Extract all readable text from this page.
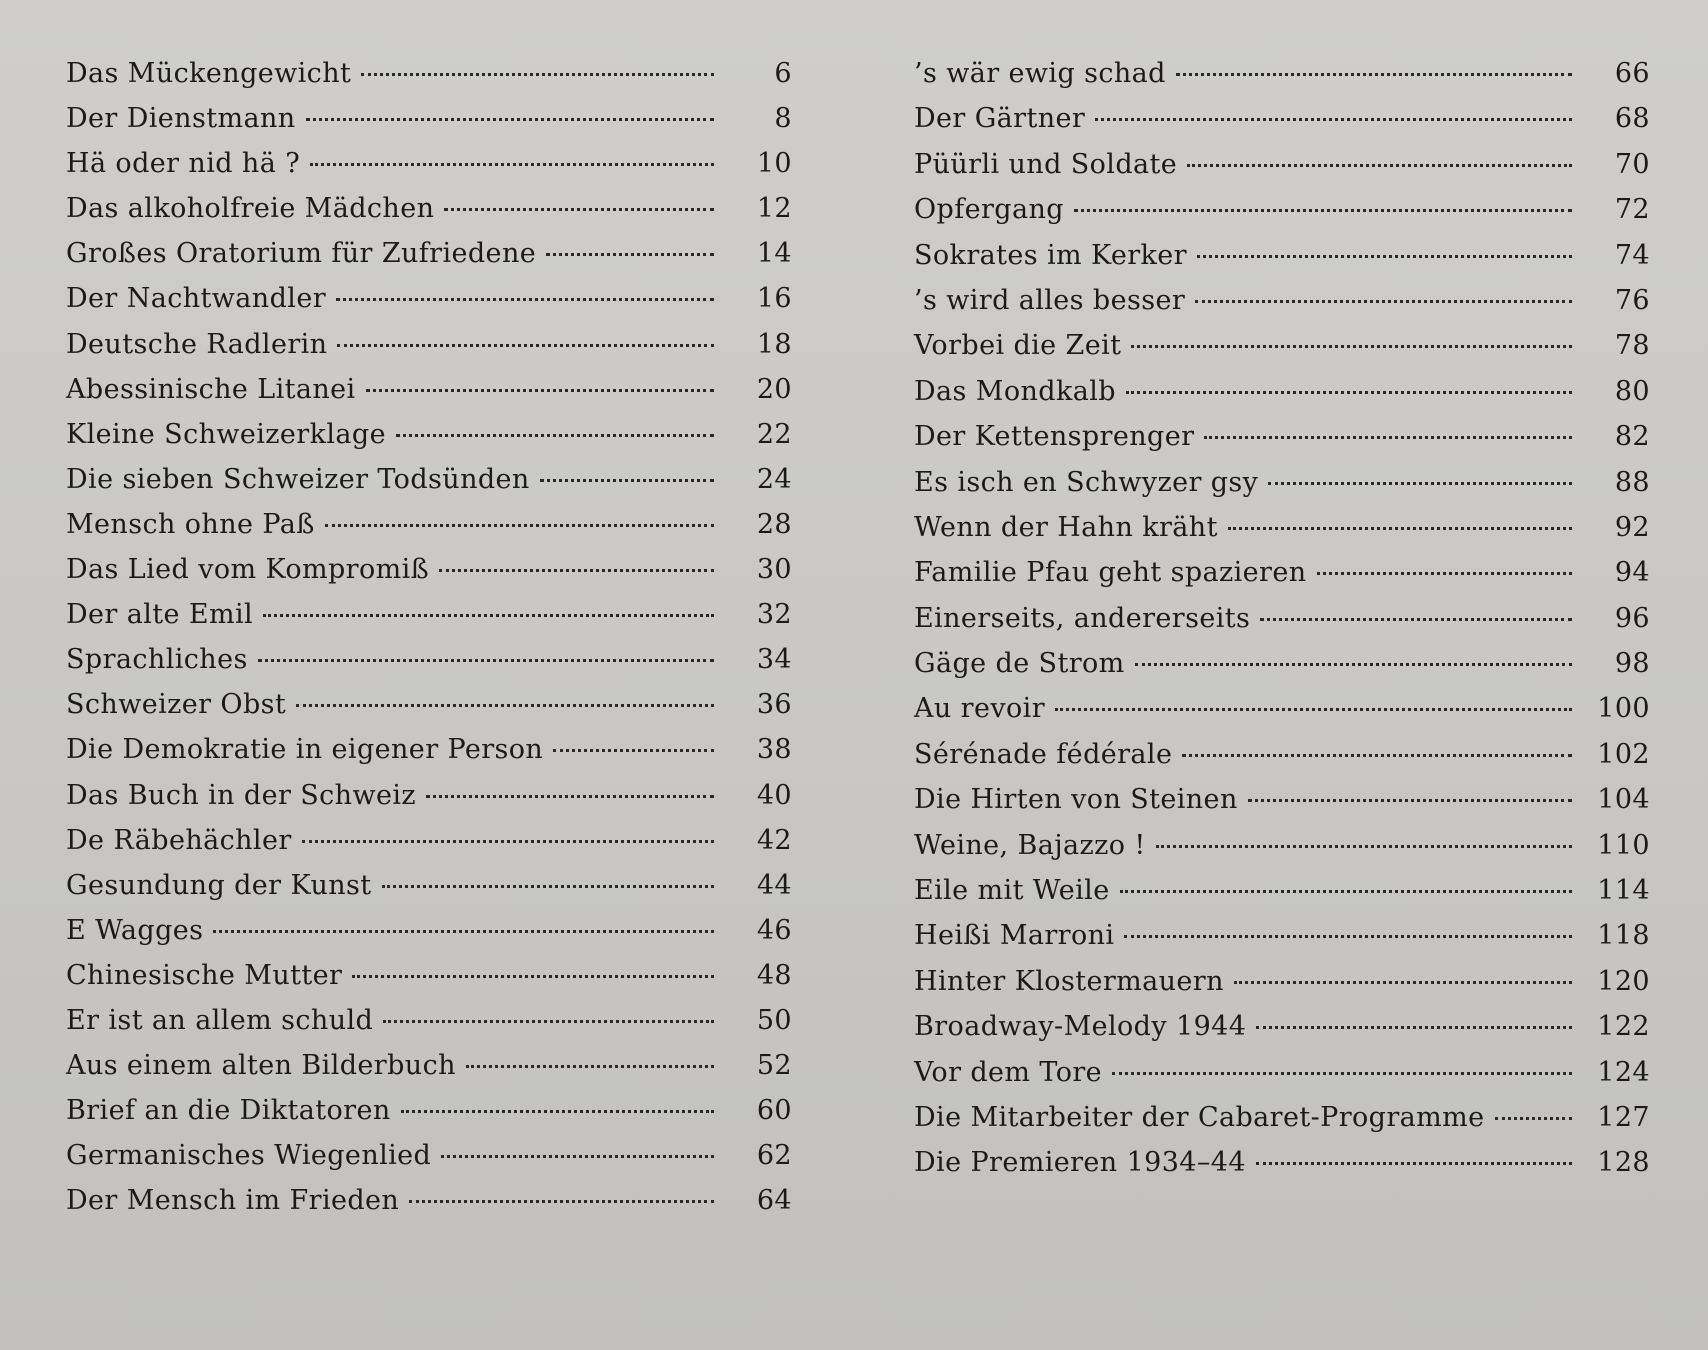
Das Mückengewicht	6
Der Dienstmann	8
Hä oder nid hä ?	10
Das alkoholfreie Mädchen	12
Großes Oratorium für Zufriedene	14
Der Nachtwandler	16
Deutsche Radlerin	18
Abessinische Litanei	20
Kleine Schweizerklage	22
Die sieben Schweizer Todsünden	24
Mensch ohne Paß	28
Das Lied vom Kompromiß	30
Der alte Emil	32
Sprachliches	34
Schweizer Obst	36
Die Demokratie in eigener Person	38
Das Buch in der Schweiz	40
De Räbehächler	42
Gesundung der Kunst	44
E Wagges	46
Chinesische Mutter	48
Er ist an allem schuld	50
Aus einem alten Bilderbuch	52
Brief an die Diktatoren	60
Germanisches Wiegenlied	62
Der Mensch im Frieden	64
’s wär ewig schad	66
Der Gärtner	68
Püürli und Soldate	70
Opfergang	72
Sokrates im Kerker	74
’s wird alles besser	76
Vorbei die Zeit	78
Das Mondkalb	80
Der Kettensprenger	82
Es isch en Schwyzer gsy	88
Wenn der Hahn kräht	92
Familie Pfau geht spazieren	94
Einerseits, andererseits	96
Gäge de Strom	98
Au revoir	100
Sérénade fédérale	102
Die Hirten von Steinen	104
Weine, Bajazzo !	110
Eile mit Weile	114
Heißi Marroni	118
Hinter Klostermauern	120
Broadway-Melody 1944	122
Vor dem Tore	124
Die Mitarbeiter der Cabaret-Programme	127
Die Premieren 1934–44	128
